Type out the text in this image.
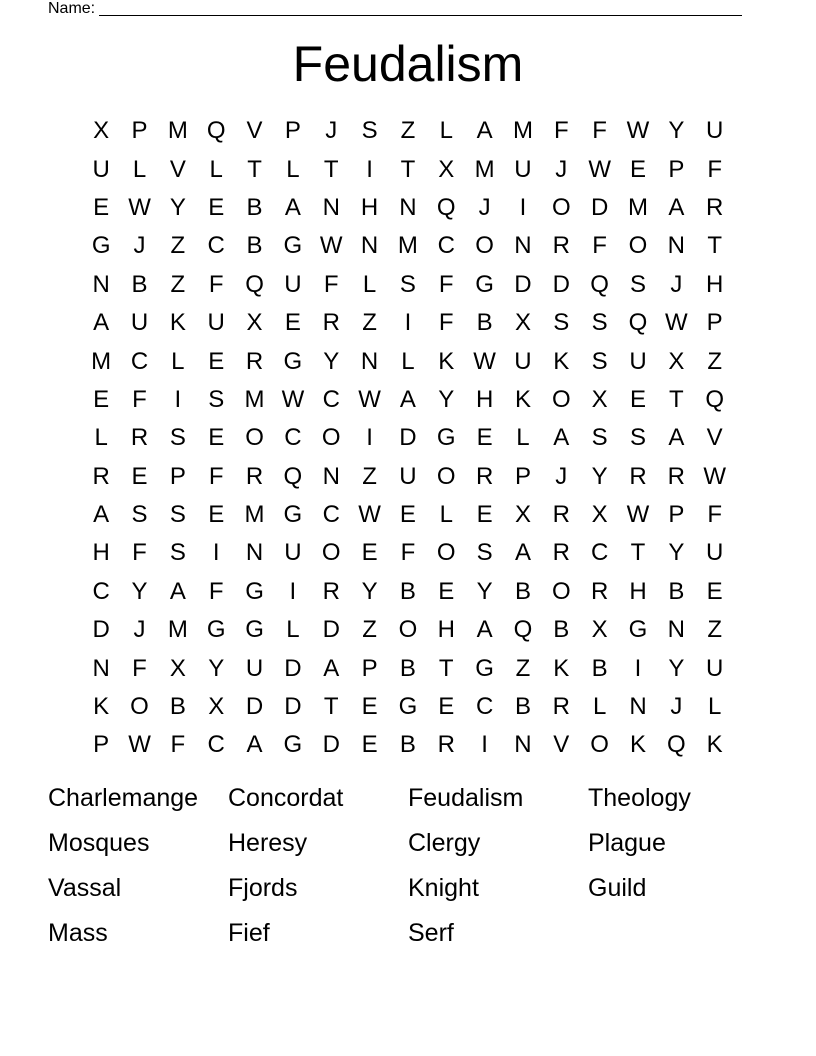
Name:
Feudalism
X P M Q V P	J	S Z	L A M F F W Y U
U L V L	T	L	T	I	T X M U J W E P F
E W Y E B A N H N Q J	I	O D M A R
G J	Z C B G W N M C O N R F O N T
N B Z F Q U F	L S F G D D Q S	J H
A U K U X E R Z	I	F B X S S Q W P
M C L E R G Y N L K W U K S U X Z
E F	I	S M W C W A Y H K O X E T Q
L R S E O C O	I	D G E L A S S A V
R E P F R Q N Z U O R P	J	Y R R W
A S S E M G C W E L E X R X W P F
H F S	I	N U O E F O S A R C T Y U
C Y A F G	I	R Y B E Y B O R H B E
D J M G G L D Z O H A Q B X G N Z
N F X Y U D A P B T G Z K B	I	Y U
K O B X D D T E G E C B R L N J	L
P W F C A G D E B R	I	N V O K Q K
Charlemange	Concordat	Feudalism	Theology
Mosques	Heresy	Clergy	Plague
Vassal	Fjords	Knight	Guild
Mass	Fief	Serf
